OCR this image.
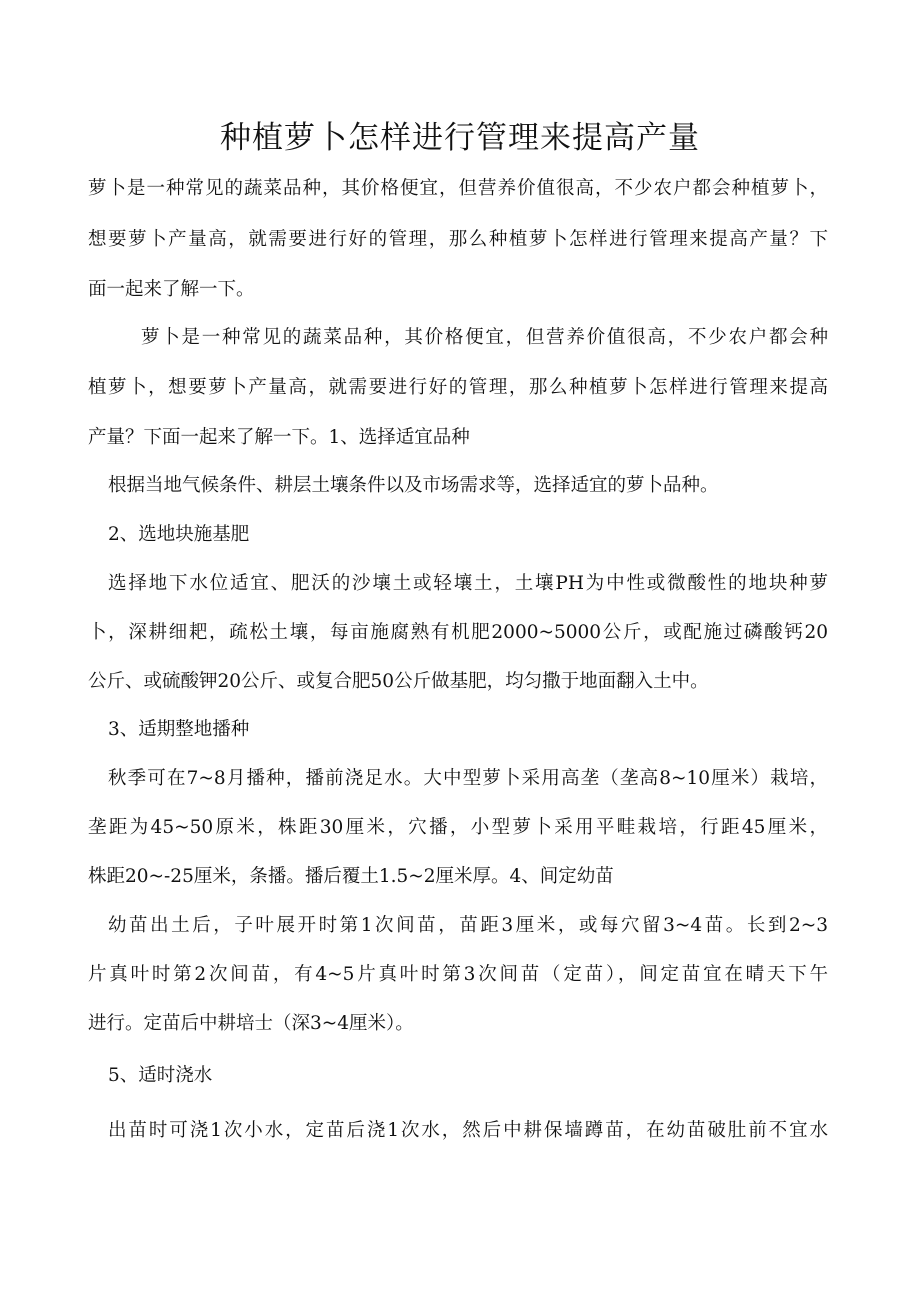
种植萝卜怎样进行管理来提高产量

萝卜是一种常见的蔬菜品种，其价格便宜，但营养价值很高，不少农户都会种植萝卜，

想要萝卜产量高，就需要进行好的管理，那么种植萝卜怎样进行管理来提高产量？下

面一起来了解一下。

萝卜是一种常见的蔬菜品种，其价格便宜，但营养价值很高，不少农户都会种

植萝卜，想要萝卜产量高，就需要进行好的管理，那么种植萝卜怎样进行管理来提高

产量？下面一起来了解一下。1、选择适宜品种

根据当地气候条件、耕层土壤条件以及市场需求等，选择适宜的萝卜品种。

2、选地块施基肥

选择地下水位适宜、肥沃的沙壤土或轻壤土，土壤PH为中性或微酸性的地块种萝

卜，深耕细耙，疏松土壤，每亩施腐熟有机肥2000~5000公斤，或配施过磷酸钙20

公斤、或硫酸钾20公斤、或复合肥50公斤做基肥，均匀撒于地面翻入土中。

3、适期整地播种

秋季可在7~8月播种，播前浇足水。大中型萝卜采用高垄（垄高8~10厘米）栽培，

垄距为45~50原米，株距30厘米，穴播，小型萝卜采用平畦栽培，行距45厘米，

株距20~-25厘米，条播。播后覆土1.5~2厘米厚。4、间定幼苗

幼苗出土后，子叶展开时第1次间苗，苗距3厘米，或每穴留3~4苗。长到2~3

片真叶时第2次间苗，有4~5片真叶时第3次间苗（定苗），间定苗宜在晴天下午

进行。定苗后中耕培士（深3~4厘米）。

5、适时浇水

出苗时可浇1次小水，定苗后浇1次水，然后中耕保墙蹲苗，在幼苗破肚前不宜水
